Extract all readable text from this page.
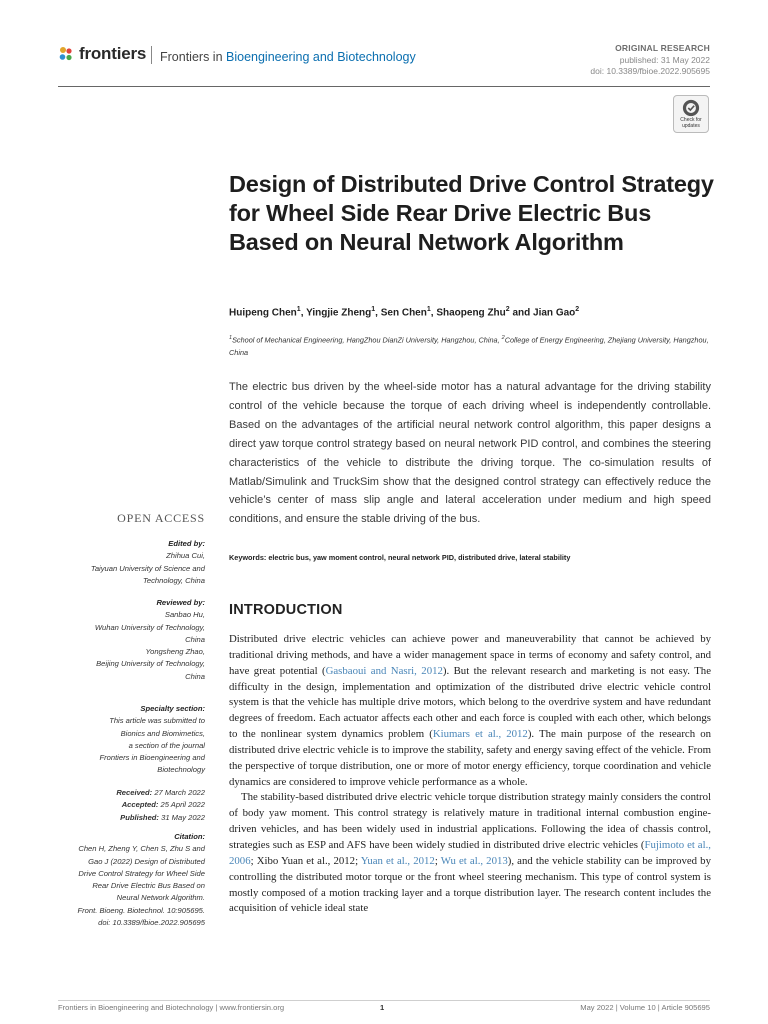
frontiers Frontiers in Bioengineering and Biotechnology
ORIGINAL RESEARCH
published: 31 May 2022
doi: 10.3389/fbioe.2022.905695
Check for updates
Design of Distributed Drive Control Strategy for Wheel Side Rear Drive Electric Bus Based on Neural Network Algorithm
Huipeng Chen$^1$, Yingjie Zheng$^1$, Sen Chen$^1$, Shaopeng Zhu$^2$ and Jian Gao$^2$
$^1$School of Mechanical Engineering, HangZhou DianZi University, Hangzhou, China, $^2$College of Energy Engineering, Zhejiang University, Hangzhou, China

The electric bus driven by the wheel-side motor has a natural advantage for the driving stability control of the vehicle because the torque of each driving wheel is independently controllable. Based on the advantages of the artificial neural network control algorithm, this paper designs a direct yaw torque control strategy based on neural network PID control, and combines the steering characteristics of the vehicle to distribute the driving torque. The co-simulation results of Matlab/Simulink and TruckSim show that the designed control strategy can effectively reduce the vehicle’s center of mass slip angle and lateral acceleration under medium and high speed conditions, and ensure the stable driving of the bus.

Keywords: electric bus, yaw moment control, neural network PID, distributed drive, lateral stability
OPEN ACCESS
Edited by:
Zhihua Cui,
Taiyuan University of Science and
Technology, China
Reviewed by:
Sanbao Hu,
Wuhan University of Technology,
China
Yongsheng Zhao,
Beijing University of Technology,
China
Specialty section:
This article was submitted to
Bionics and Biomimetics,
a section of the journal
Frontiers in Bioengineering and
Biotechnology
Received: 27 March 2022
Accepted: 25 April 2022
Published: 31 May 2022
Citation:
Chen H, Zheng Y, Chen S, Zhu S and
Gao J (2022) Design of Distributed
Drive Control Strategy for Wheel Side
Rear Drive Electric Bus Based on
Neural Network Algorithm.
Front. Bioeng. Biotechnol. 10:905695.
doi: 10.3389/fbioe.2022.905695
INTRODUCTION

Distributed drive electric vehicles can achieve power and maneuverability that cannot be achieved by traditional driving methods, and have a wider management space in terms of economy and safety control, and have great potential (Gasbaoui and Nasri, 2012). But the relevant research and marketing is not easy. The difficulty in the design, implementation and optimization of the distributed drive electric vehicle control system is that the vehicle has multiple drive motors, which belong to the overdrive system and have redundant degrees of freedom. Each actuator affects each other and each force is coupled with each other, which belongs to the nonlinear system dynamics problem (Kiumars et al., 2012). The main purpose of the research on distributed drive electric vehicle is to improve the stability, safety and energy saving effect of the vehicle. From the perspective of torque distribution, one or more of motor energy efficiency, torque coordination and vehicle dynamics are considered to improve vehicle performance as a whole.

The stability-based distributed drive electric vehicle torque distribution strategy mainly considers the control of body yaw moment. This control strategy is relatively mature in traditional internal combustion engine-driven vehicles, and has been widely used in industrial applications. Following the idea of chassis control, strategies such as ESP and AFS have been widely studied in distributed drive electric vehicles (Fujimoto et al., 2006; Xibo Yuan et al., 2012; Yuan et al., 2012; Wu et al., 2013), and the vehicle stability can be improved by controlling the distributed motor torque or the front wheel steering mechanism. This type of control system is mostly composed of a motion tracking layer and a torque distribution layer. The research content includes the acquisition of vehicle ideal state

Frontiers in Bioengineering and Biotechnology | www.frontiersin.org	1	May 2022 | Volume 10 | Article 905695
